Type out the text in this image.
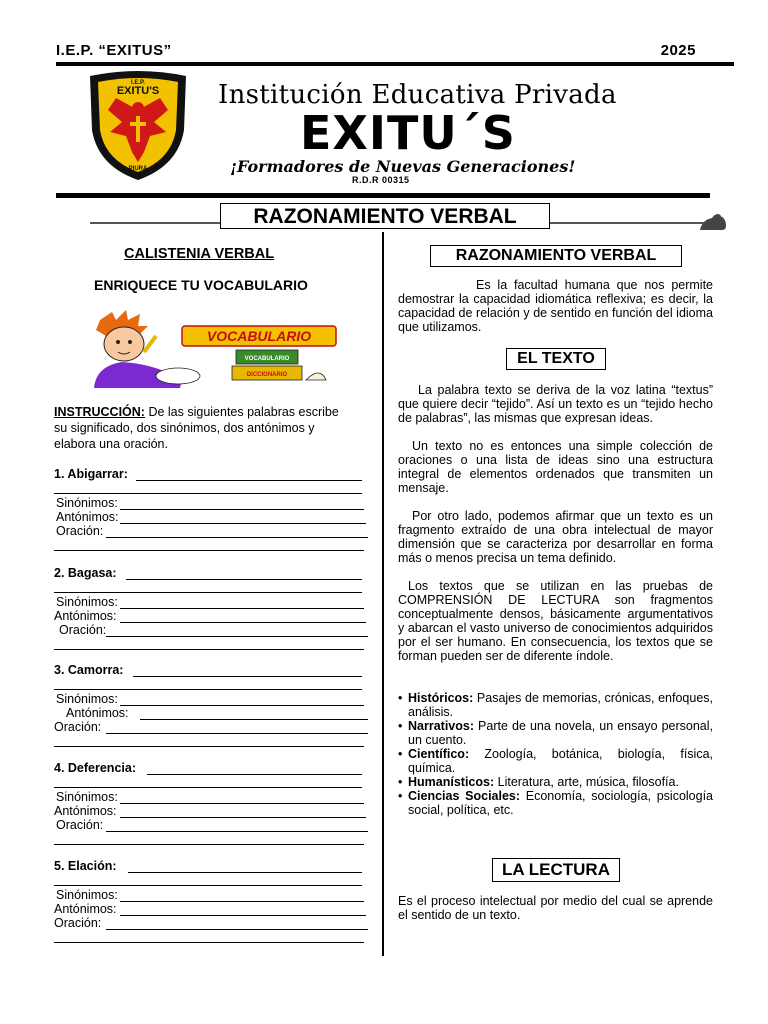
I.E.P. “EXITUS”	2025
I.E.P.
EXITU'S
PIURA
Institución Educativa Privada
EXITU´S
¡Formadores de Nuevas Generaciones!
R.D.R 00315
RAZONAMIENTO VERBAL
CALISTENIA VERBAL
ENRIQUECE TU VOCABULARIO
VOCABULARIO
VOCABULARIO
DICCIONARIO
INSTRUCCIÓN: De las siguientes palabras escribe su significado, dos sinónimos, dos antónimos y elabora una oración.
1. Abigarrar:
Sinónimos:
Antónimos:
Oración:
2. Bagasa:
Sinónimos:
Antónimos:
Oración:
3. Camorra:
Sinónimos:
Antónimos:
Oración:
4. Deferencia:
Sinónimos:
Antónimos:
Oración:
5. Elación:
Sinónimos:
Antónimos:
Oración:
RAZONAMIENTO VERBAL
Es la facultad humana que nos permite demostrar la capacidad idiomática reflexiva; es decir, la capacidad de relación y de sentido en función del idioma que utilizamos.
EL TEXTO
La palabra texto se deriva de la voz latina “textus” que quiere decir “tejido”. Así un texto es un “tejido hecho de palabras”, las mismas que expresan ideas.
Un texto no es entonces una simple colección de oraciones o una lista de ideas sino una estructura integral de elementos ordenados que transmiten un mensaje.
Por otro lado, podemos afirmar que un texto es un fragmento extraído de una obra intelectual de mayor dimensión que se caracteriza por desarrollar en forma más o menos precisa un tema definido.
Los textos que se utilizan en las pruebas de COMPRENSIÓN DE LECTURA son fragmentos conceptualmente densos, básicamente argumentativos y abarcan el vasto universo de conocimientos adquiridos por el ser humano. En consecuencia, los textos que se forman pueden ser de diferente índole.
• Históricos: Pasajes de memorias, crónicas, enfoques, análisis.
• Narrativos: Parte de una novela, un ensayo personal, un cuento.
• Científico: Zoología, botánica, biología, física, química.
• Humanísticos: Literatura, arte, música, filosofía.
• Ciencias Sociales: Economía, sociología, psicología social, política, etc.
LA LECTURA
Es el proceso intelectual por medio del cual se aprende el sentido de un texto.
